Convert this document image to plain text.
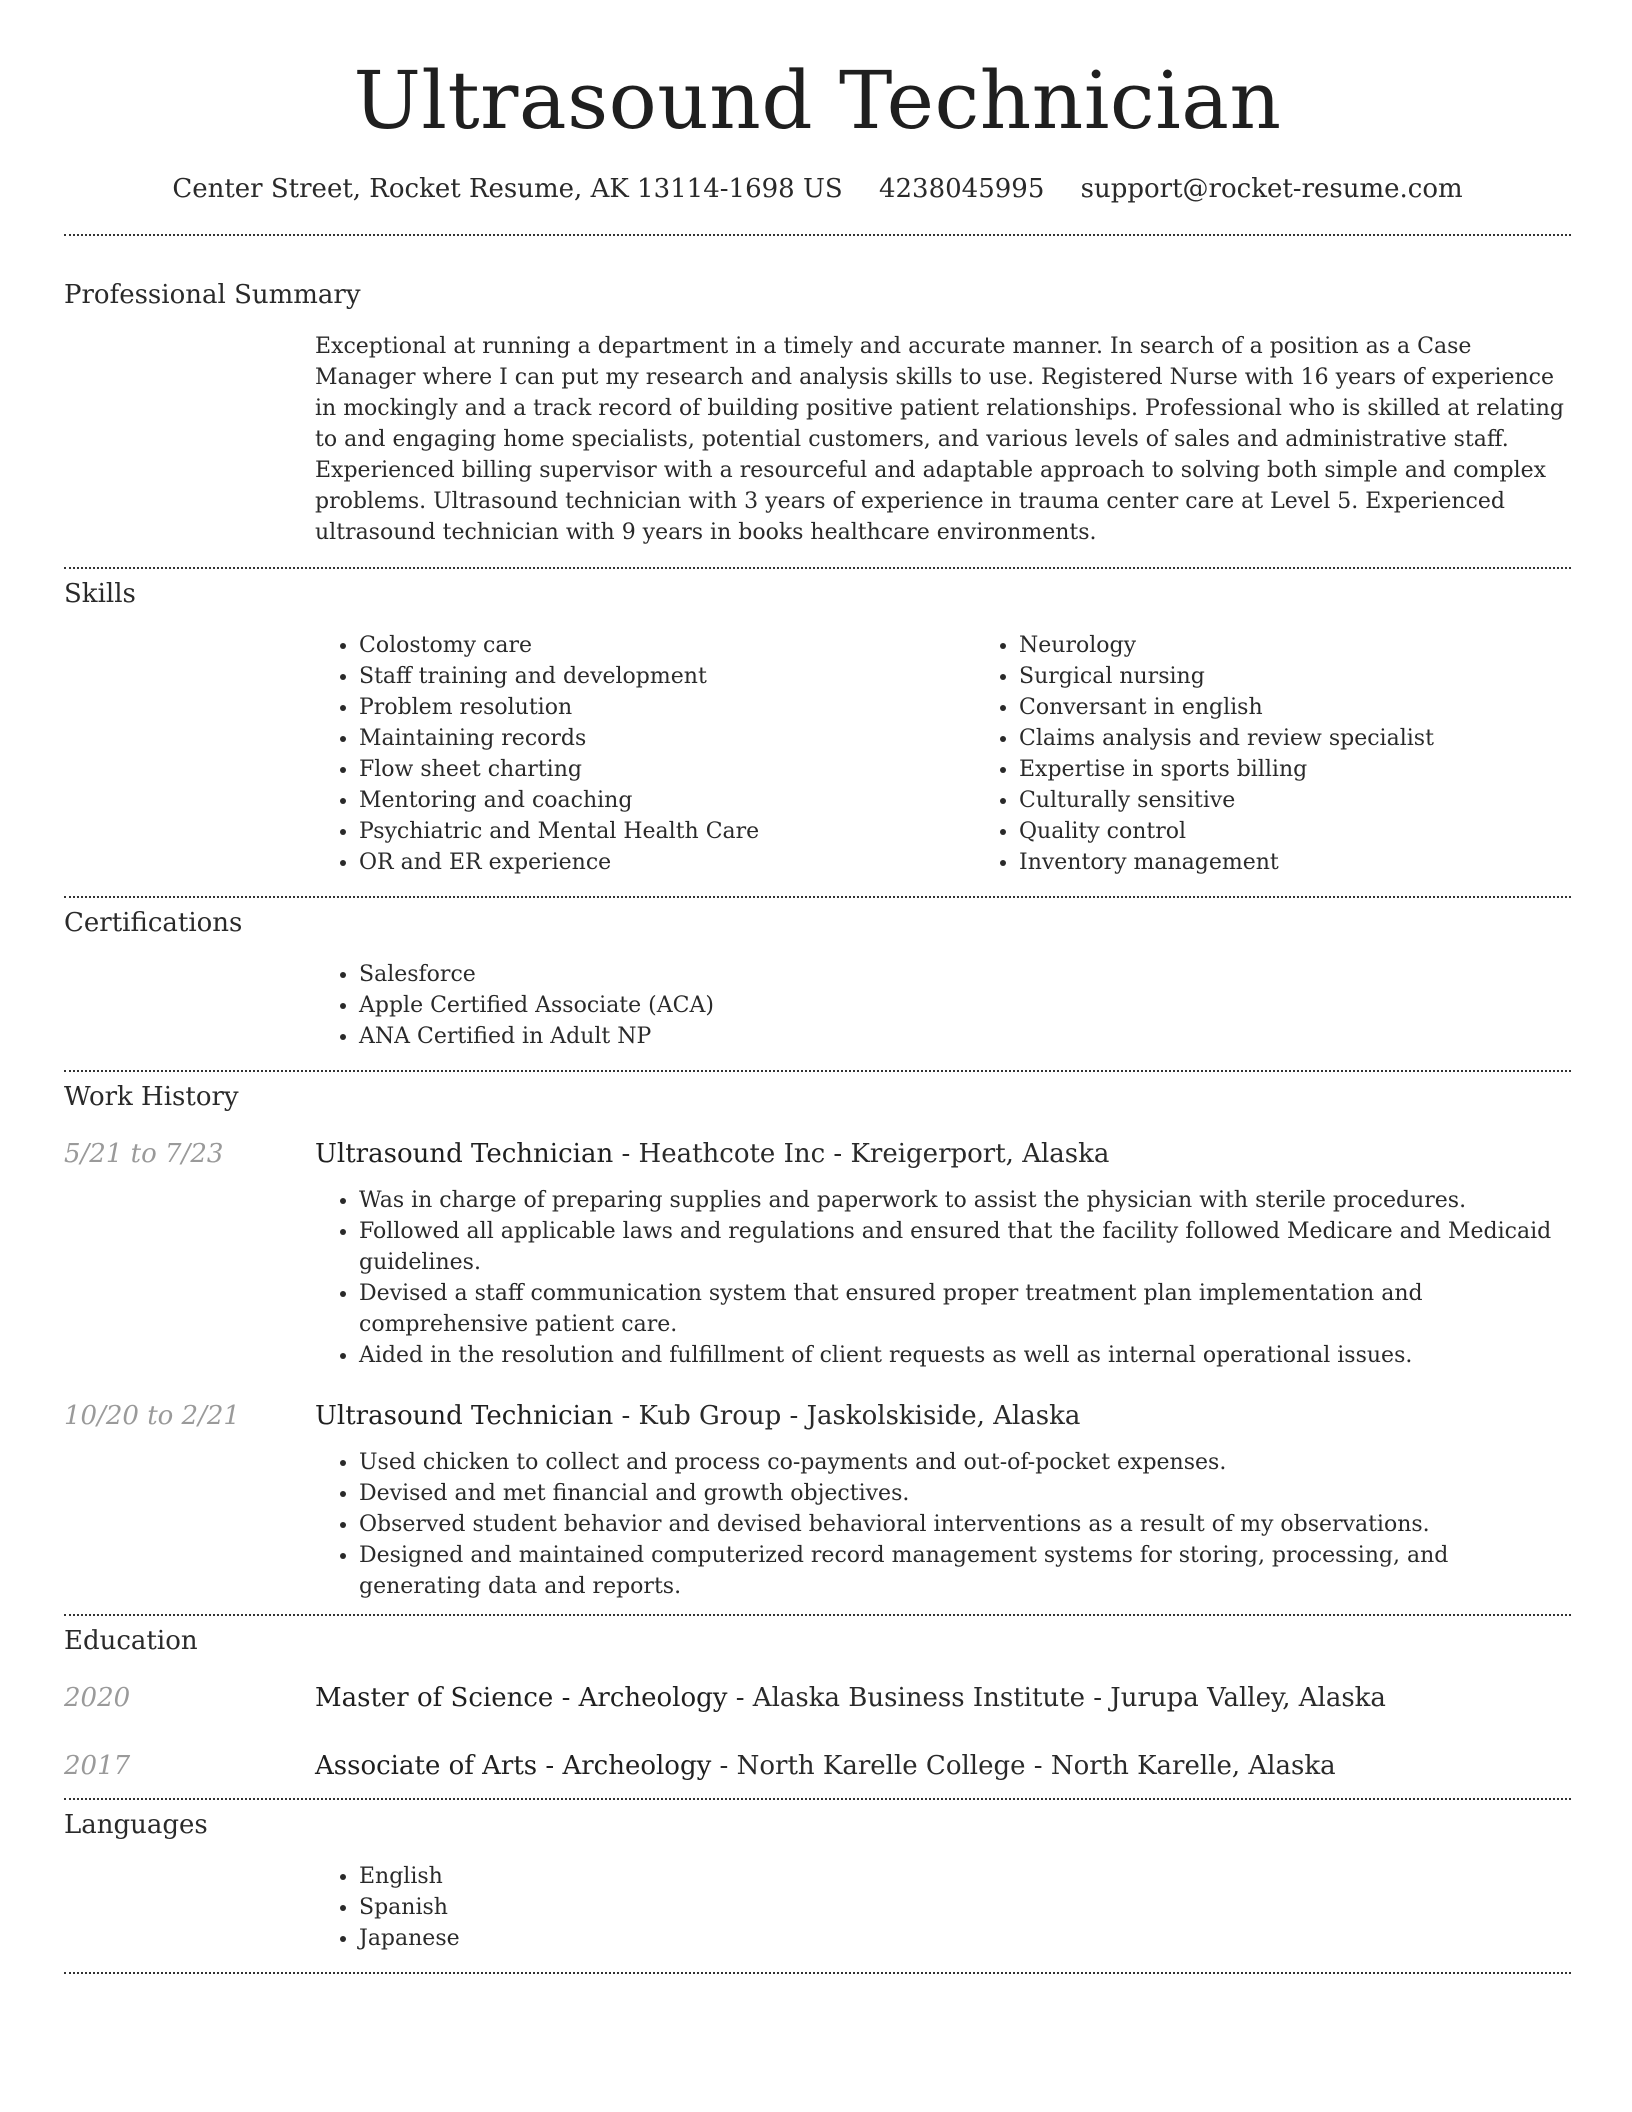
Ultrasound Technician
Center Street, Rocket Resume, AK 13114-1698 US 4238045995 support@rocket-resume.com
Professional Summary

Exceptional at running a department in a timely and accurate manner. In search of a position as a Case Manager where I can put my research and analysis skills to use. Registered Nurse with 16 years of experience in mockingly and a track record of building positive patient relationships. Professional who is skilled at relating to and engaging home specialists, potential customers, and various levels of sales and administrative staff. Experienced billing supervisor with a resourceful and adaptable approach to solving both simple and complex problems. Ultrasound technician with 3 years of experience in trauma center care at Level 5. Experienced ultrasound technician with 9 years in books healthcare environments.

Skills
• Colostomy care
• Staff training and development
• Problem resolution
• Maintaining records
• Flow sheet charting
• Mentoring and coaching
• Psychiatric and Mental Health Care
• OR and ER experience
• Neurology
• Surgical nursing
• Conversant in english
• Claims analysis and review specialist
• Expertise in sports billing
• Culturally sensitive
• Quality control
• Inventory management
Certifications
• Salesforce
• Apple Certified Associate (ACA)
• ANA Certified in Adult NP
Work History
5/21 to 7/23	Ultrasound Technician - Heathcote Inc - Kreigerport, Alaska
• Was in charge of preparing supplies and paperwork to assist the physician with sterile procedures.
• Followed all applicable laws and regulations and ensured that the facility followed Medicare and Medicaid guidelines.
• Devised a staff communication system that ensured proper treatment plan implementation and comprehensive patient care.
• Aided in the resolution and fulfillment of client requests as well as internal operational issues.
10/20 to 2/21	Ultrasound Technician - Kub Group - Jaskolskiside, Alaska
• Used chicken to collect and process co-payments and out-of-pocket expenses.
• Devised and met financial and growth objectives.
• Observed student behavior and devised behavioral interventions as a result of my observations.
• Designed and maintained computerized record management systems for storing, processing, and generating data and reports.
Education
2020	Master of Science - Archeology - Alaska Business Institute - Jurupa Valley, Alaska
2017	Associate of Arts - Archeology - North Karelle College - North Karelle, Alaska
Languages
• English
• Spanish
• Japanese
